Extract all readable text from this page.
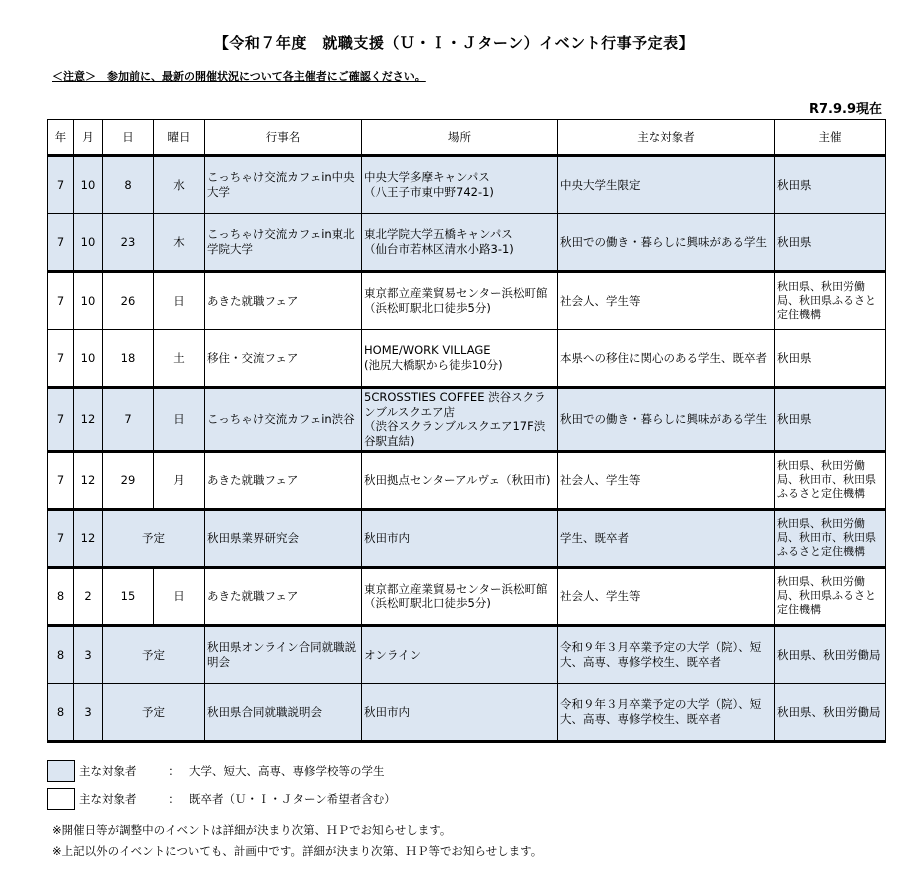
【令和７年度　就職支援（Ｕ・Ｉ・Ｊターン）イベント行事予定表】
＜注意＞　参加前に、最新の開催状況について各主催者にご確認ください。
R7.9.9現在
年	月	日	曜日	行事名	場所	主な対象者	主催
7	10	8	水	こっちゃけ交流カフェin中央大学	中央大学多摩キャンパス
（八王子市東中野742-1)	中央大学生限定	秋田県
7	10	23	木	こっちゃけ交流カフェin東北学院大学	東北学院大学五橋キャンパス
（仙台市若林区清水小路3-1)	秋田での働き・暮らしに興味がある学生	秋田県
7	10	26	日	あきた就職フェア	東京都立産業貿易センター浜松町館
（浜松町駅北口徒歩5分)	社会人、学生等	秋田県、秋田労働局、秋田県ふるさと定住機構
7	10	18	土	移住・交流フェア	HOME/WORK VILLAGE
(池尻大橋駅から徒歩10分)	本県への移住に関心のある学生、既卒者	秋田県
7	12	7	日	こっちゃけ交流カフェin渋谷	5CROSSTIES COFFEE 渋谷スクランブルスクエア店
（渋谷スクランブルスクエア17F渋谷駅直結)	秋田での働き・暮らしに興味がある学生	秋田県
7	12	29	月	あきた就職フェア	秋田拠点センターアルヴェ（秋田市)	社会人、学生等	秋田県、秋田労働局、秋田市、秋田県ふるさと定住機構
7	12	予定		秋田県業界研究会	秋田市内	学生、既卒者	秋田県、秋田労働局、秋田市、秋田県ふるさと定住機構
8	2	15	日	あきた就職フェア	東京都立産業貿易センター浜松町館
（浜松町駅北口徒歩5分)	社会人、学生等	秋田県、秋田労働局、秋田県ふるさと定住機構
8	3	予定		秋田県オンライン合同就職説明会	オンライン	令和９年３月卒業予定の大学（院）、短大、高専、専修学校生、既卒者	秋田県、秋田労働局
8	3	予定		秋田県合同就職説明会	秋田市内	令和９年３月卒業予定の大学（院）、短大、高専、専修学校生、既卒者	秋田県、秋田労働局
主な対象者	： 大学、短大、高専、専修学校等の学生
主な対象者	： 既卒者（Ｕ・Ｉ・Ｊターン希望者含む）
※開催日等が調整中のイベントは詳細が決まり次第、ＨＰでお知らせします。
※上記以外のイベントについても、計画中です。詳細が決まり次第、ＨＰ等でお知らせします。
